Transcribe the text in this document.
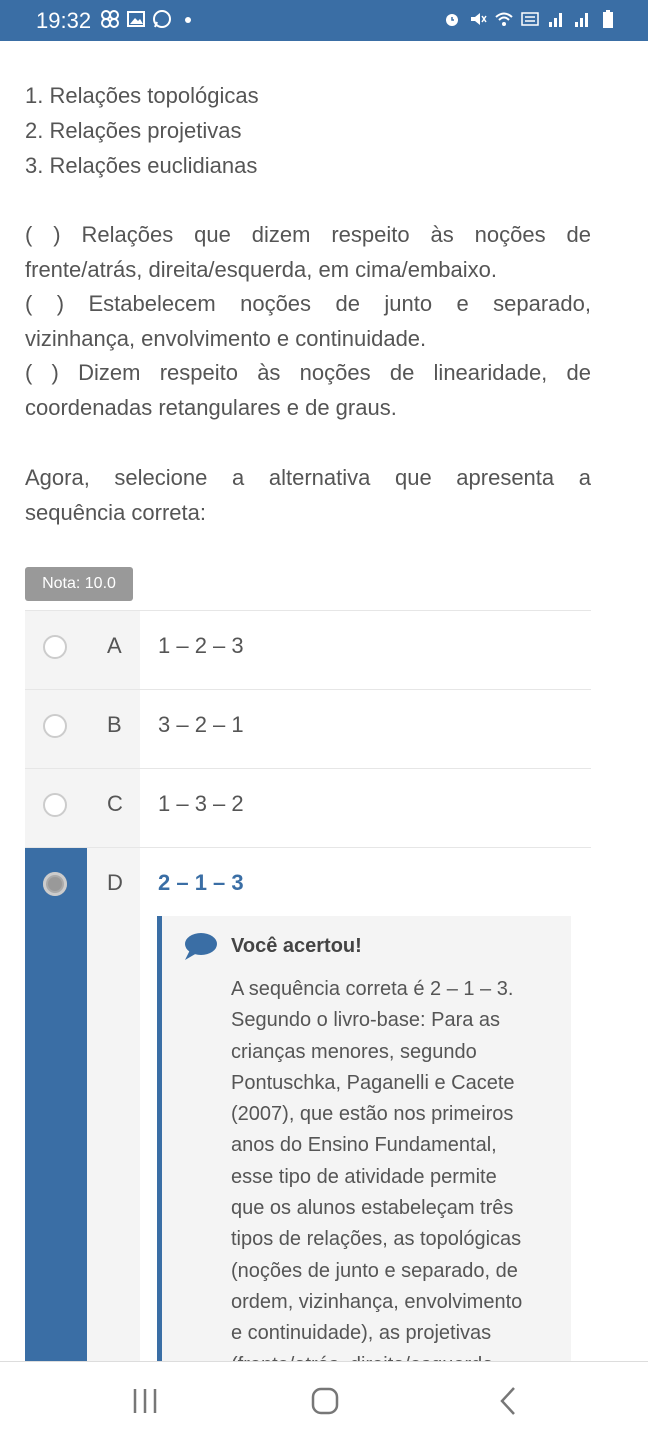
19:32
1. Relações topológicas
2. Relações projetivas
3. Relações euclidianas
( ) Relações que dizem respeito às noções de
frente/atrás, direita/esquerda, em cima/embaixo.
( ) Estabelecem noções de junto e separado,
vizinhança, envolvimento e continuidade.
( ) Dizem respeito às noções de linearidade, de
coordenadas retangulares e de graus.
Agora, selecione a alternativa que apresenta a
sequência correta:
Nota: 10.0
A 1 – 2 – 3
B 3 – 2 – 1
C 1 – 3 – 2
D 2 – 1 – 3
Você acertou!
A sequência correta é 2 – 1 – 3.
Segundo o livro-base: Para as
crianças menores, segundo
Pontuschka, Paganelli e Cacete
(2007), que estão nos primeiros
anos do Ensino Fundamental,
esse tipo de atividade permite
que os alunos estabeleçam três
tipos de relações, as topológicas
(noções de junto e separado, de
ordem, vizinhança, envolvimento
e continuidade), as projetivas
